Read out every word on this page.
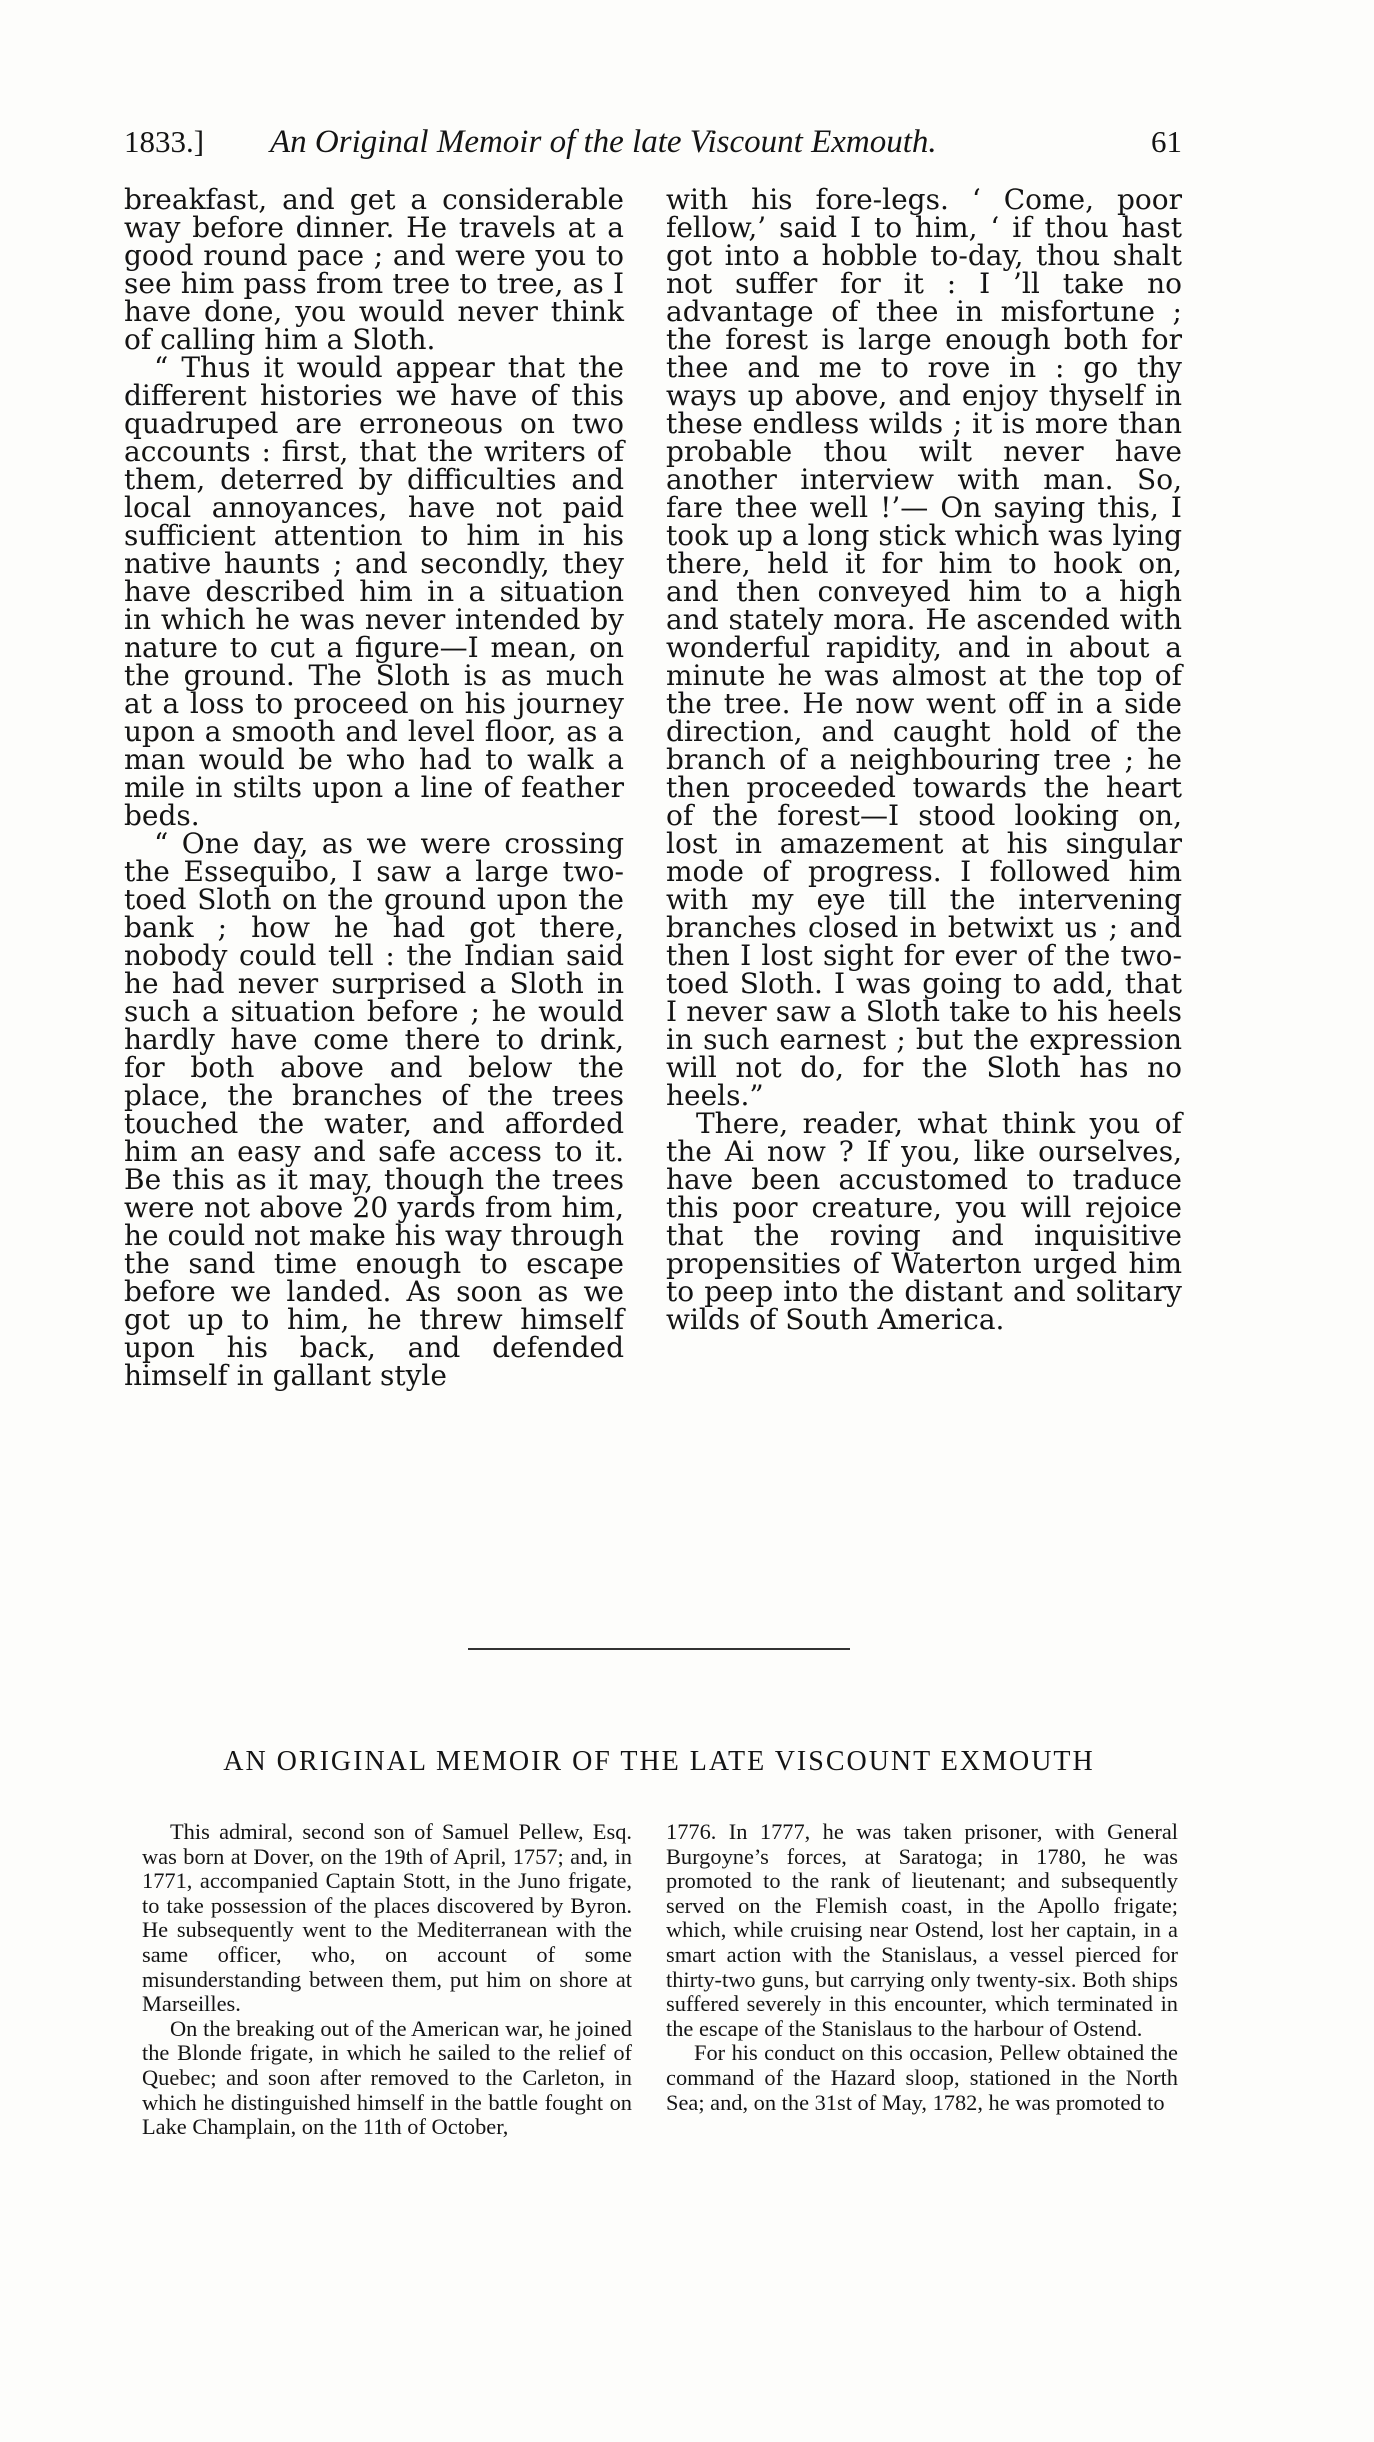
1833.] An Original Memoir of the late Viscount Exmouth.	61

breakfast, and get a considerable way before dinner. He travels at a good round pace ; and were you to see him pass from tree to tree, as I have done, you would never think of calling him a Sloth.

“ Thus it would appear that the different histories we have of this quadruped are erroneous on two accounts : first, that the writers of them, deterred by difficulties and local annoyances, have not paid sufficient attention to him in his native haunts ; and secondly, they have described him in a situation in which he was never intended by nature to cut a figure—I mean, on the ground. The Sloth is as much at a loss to proceed on his journey upon a smooth and level floor, as a man would be who had to walk a mile in stilts upon a line of feather beds.

“ One day, as we were crossing the Essequibo, I saw a large two-toed Sloth on the ground upon the bank ; how he had got there, nobody could tell : the Indian said he had never surprised a Sloth in such a situation before ; he would hardly have come there to drink, for both above and below the place, the branches of the trees touched the water, and afforded him an easy and safe access to it. Be this as it may, though the trees were not above 20 yards from him, he could not make his way through the sand time enough to escape before we landed. As soon as we got up to him, he threw himself upon his back, and defended himself in gallant style

with his fore-legs. ‘ Come, poor fellow,’ said I to him, ‘ if thou hast got into a hobble to-day, thou shalt not suffer for it : I ’ll take no advantage of thee in misfortune ; the forest is large enough both for thee and me to rove in : go thy ways up above, and enjoy thyself in these endless wilds ; it is more than probable thou wilt never have another interview with man. So, fare thee well !’— On saying this, I took up a long stick which was lying there, held it for him to hook on, and then conveyed him to a high and stately mora. He ascended with wonderful rapidity, and in about a minute he was almost at the top of the tree. He now went off in a side direction, and caught hold of the branch of a neighbouring tree ; he then proceeded towards the heart of the forest—I stood looking on, lost in amazement at his singular mode of progress. I followed him with my eye till the intervening branches closed in betwixt us ; and then I lost sight for ever of the two-toed Sloth. I was going to add, that I never saw a Sloth take to his heels in such earnest ; but the expression will not do, for the Sloth has no heels.”

There, reader, what think you of the Ai now ? If you, like ourselves, have been accustomed to traduce this poor creature, you will rejoice that the roving and inquisitive propensities of Waterton urged him to peep into the distant and solitary wilds of South America.

AN ORIGINAL MEMOIR OF THE LATE VISCOUNT EXMOUTH

This admiral, second son of Samuel Pellew, Esq. was born at Dover, on the 19th of April, 1757; and, in 1771, accompanied Captain Stott, in the Juno frigate, to take possession of the places discovered by Byron. He subsequently went to the Mediterranean with the same officer, who, on account of some misunderstanding between them, put him on shore at Marseilles.

On the breaking out of the American war, he joined the Blonde frigate, in which he sailed to the relief of Quebec; and soon after removed to the Carleton, in which he distinguished himself in the battle fought on Lake Champlain, on the 11th of October,

1776. In 1777, he was taken prisoner, with General Burgoyne’s forces, at Saratoga; in 1780, he was promoted to the rank of lieutenant; and subsequently served on the Flemish coast, in the Apollo frigate; which, while cruising near Ostend, lost her captain, in a smart action with the Stanislaus, a vessel pierced for thirty-two guns, but carrying only twenty-six. Both ships suffered severely in this encounter, which terminated in the escape of the Stanislaus to the harbour of Ostend.

For his conduct on this occasion, Pellew obtained the command of the Hazard sloop, stationed in the North Sea; and, on the 31st of May, 1782, he was promoted to
